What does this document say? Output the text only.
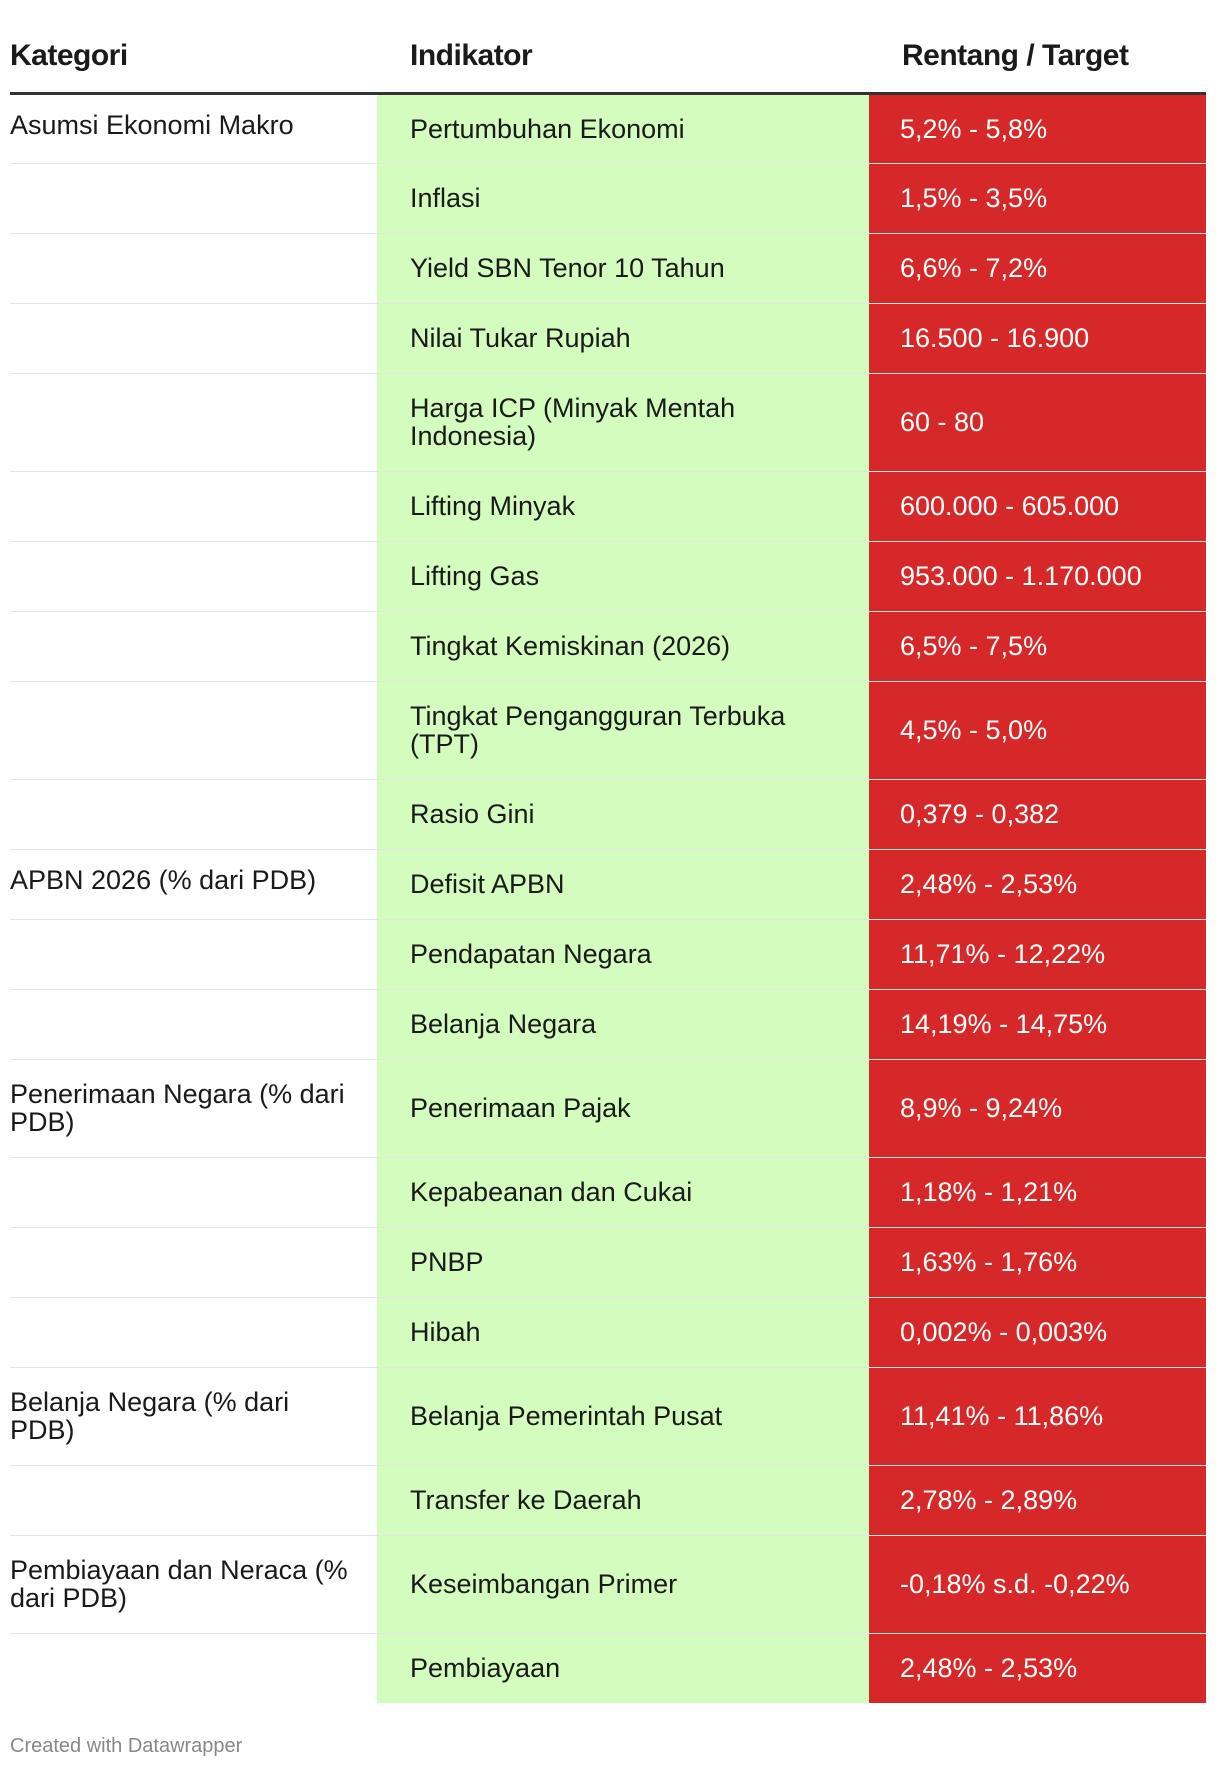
Kategori	Indikator	Rentang / Target
Asumsi Ekonomi Makro	Pertumbuhan Ekonomi	5,2% - 5,8%
	Inflasi	1,5% - 3,5%
	Yield SBN Tenor 10 Tahun	6,6% - 7,2%
	Nilai Tukar Rupiah	16.500 - 16.900
	Harga ICP (Minyak Mentah Indonesia)	60 - 80
	Lifting Minyak	600.000 - 605.000
	Lifting Gas	953.000 - 1.170.000
	Tingkat Kemiskinan (2026)	6,5% - 7,5%
	Tingkat Pengangguran Terbuka (TPT)	4,5% - 5,0%
	Rasio Gini	0,379 - 0,382
APBN 2026 (% dari PDB)	Defisit APBN	2,48% - 2,53%
	Pendapatan Negara	11,71% - 12,22%
	Belanja Negara	14,19% - 14,75%
Penerimaan Negara (% dari PDB)	Penerimaan Pajak	8,9% - 9,24%
	Kepabeanan dan Cukai	1,18% - 1,21%
	PNBP	1,63% - 1,76%
	Hibah	0,002% - 0,003%
Belanja Negara (% dari PDB)	Belanja Pemerintah Pusat	11,41% - 11,86%
	Transfer ke Daerah	2,78% - 2,89%
Pembiayaan dan Neraca (% dari PDB)	Keseimbangan Primer	-0,18% s.d. -0,22%
	Pembiayaan	2,48% - 2,53%
Created with Datawrapper
